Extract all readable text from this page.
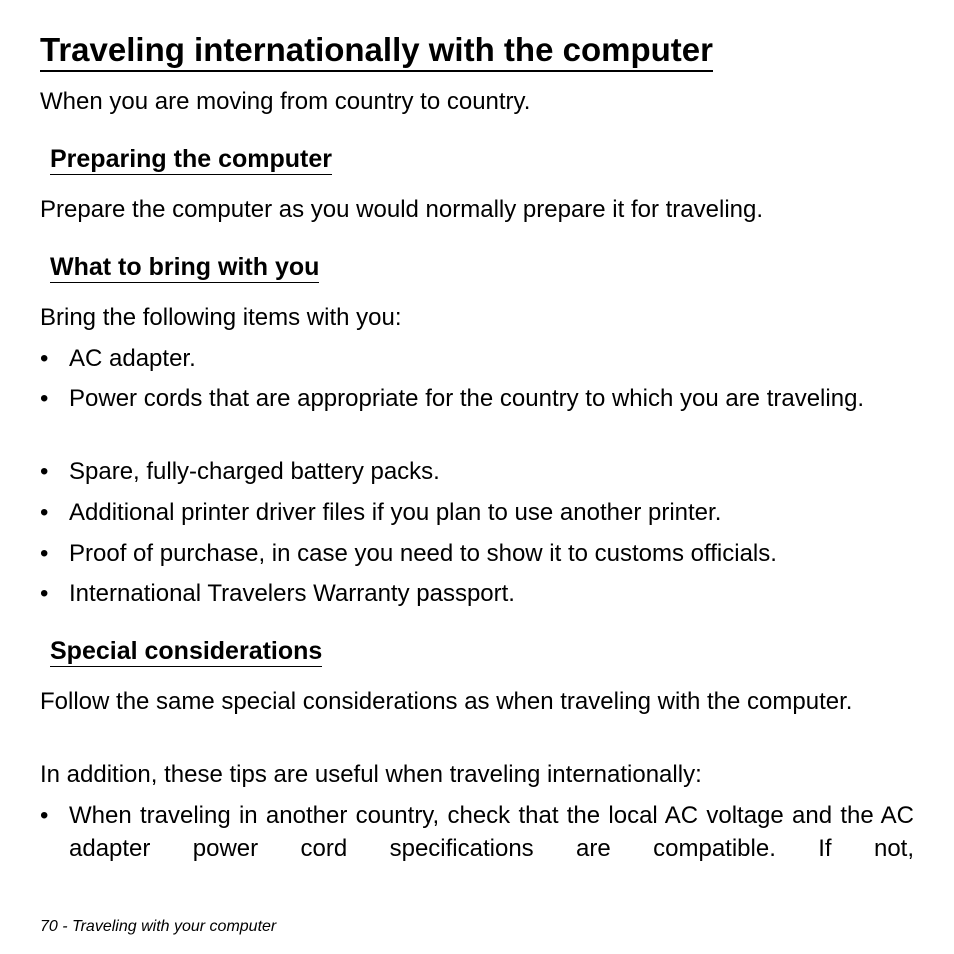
Traveling internationally with the computer

When you are moving from country to country.

Preparing the computer

Prepare the computer as you would normally prepare it for traveling.

What to bring with you

Bring the following items with you:

• AC adapter.
• Power cords that are appropriate for the country to which you are traveling.
• Spare, fully-charged battery packs.
• Additional printer driver files if you plan to use another printer.
• Proof of purchase, in case you need to show it to customs officials.
• International Travelers Warranty passport.
Special considerations

Follow the same special considerations as when traveling with the computer.

In addition, these tips are useful when traveling internationally:

• When traveling in another country, check that the local AC voltage and the AC adapter power cord specifications are compatible. If not,
70 - Traveling with your computer
